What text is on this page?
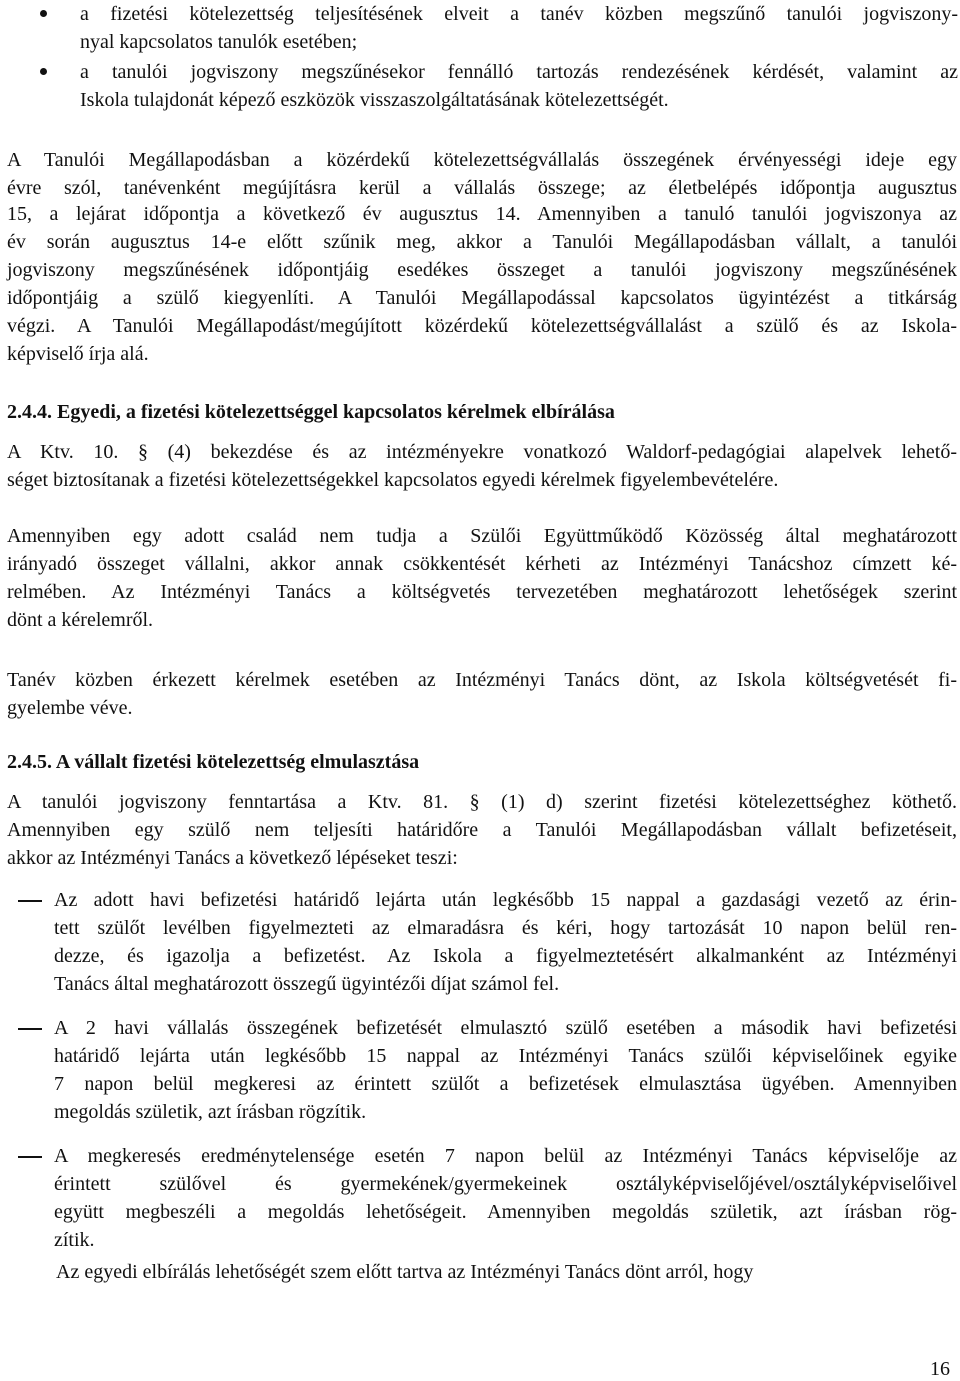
a fizetési kötelezettség teljesítésének elveit a tanév közben megszűnő tanulói jogviszony-
nyal kapcsolatos tanulók esetében;
a tanulói jogviszony megszűnésekor fennálló tartozás rendezésének kérdését, valamint az
Iskola tulajdonát képező eszközök visszaszolgáltatásának kötelezettségét.
A Tanulói Megállapodásban a közérdekű kötelezettségvállalás összegének érvényességi ideje egy
évre szól, tanévenként megújításra kerül a vállalás összege; az életbelépés időpontja augusztus
15, a lejárat időpontja a következő év augusztus 14. Amennyiben a tanuló tanulói jogviszonya az
év során augusztus 14-e előtt szűnik meg, akkor a Tanulói Megállapodásban vállalt, a tanulói
jogviszony megszűnésének időpontjáig esedékes összeget a tanulói jogviszony megszűnésének
időpontjáig a szülő kiegyenlíti. A Tanulói Megállapodással kapcsolatos ügyintézést a titkárság
végzi. A Tanulói Megállapodást/megújított közérdekű kötelezettségvállalást a szülő és az Iskola-
képviselő írja alá.
2.4.4. Egyedi, a fizetési kötelezettséggel kapcsolatos kérelmek elbírálása
A Ktv. 10. § (4) bekezdése és az intézményekre vonatkozó Waldorf-pedagógiai alapelvek lehető-
séget biztosítanak a fizetési kötelezettségekkel kapcsolatos egyedi kérelmek figyelembevételére.
Amennyiben egy adott család nem tudja a Szülői Együttműködő Közösség által meghatározott
irányadó összeget vállalni, akkor annak csökkentését kérheti az Intézményi Tanácshoz címzett ké-
relmében. Az Intézményi Tanács a költségvetés tervezetében meghatározott lehetőségek szerint
dönt a kérelemről.
Tanév közben érkezett kérelmek esetében az Intézményi Tanács dönt, az Iskola költségvetését fi-
gyelembe véve.
2.4.5. A vállalt fizetési kötelezettség elmulasztása
A tanulói jogviszony fenntartása a Ktv. 81. § (1) d) szerint fizetési kötelezettséghez köthető.
Amennyiben egy szülő nem teljesíti határidőre a Tanulói Megállapodásban vállalt befizetéseit,
akkor az Intézményi Tanács a következő lépéseket teszi:
Az adott havi befizetési határidő lejárta után legkésőbb 15 nappal a gazdasági vezető az érin-
tett szülőt levélben figyelmezteti az elmaradásra és kéri, hogy tartozását 10 napon belül ren-
dezze, és igazolja a befizetést. Az Iskola a figyelmeztetésért alkalmanként az Intézményi
Tanács által meghatározott összegű ügyintézői díjat számol fel.
A 2 havi vállalás összegének befizetését elmulasztó szülő esetében a második havi befizetési
határidő lejárta után legkésőbb 15 nappal az Intézményi Tanács szülői képviselőinek egyike
7 napon belül megkeresi az érintett szülőt a befizetések elmulasztása ügyében. Amennyiben
megoldás születik, azt írásban rögzítik.
A megkeresés eredménytelensége esetén 7 napon belül az Intézményi Tanács képviselője az
érintett szülővel és gyermekének/gyermekeinek osztályképviselőjével/osztályképviselőivel
együtt megbeszéli a megoldás lehetőségeit. Amennyiben megoldás születik, azt írásban rög-
zítik.
Az egyedi elbírálás lehetőségét szem előtt tartva az Intézményi Tanács dönt arról, hogy
16
